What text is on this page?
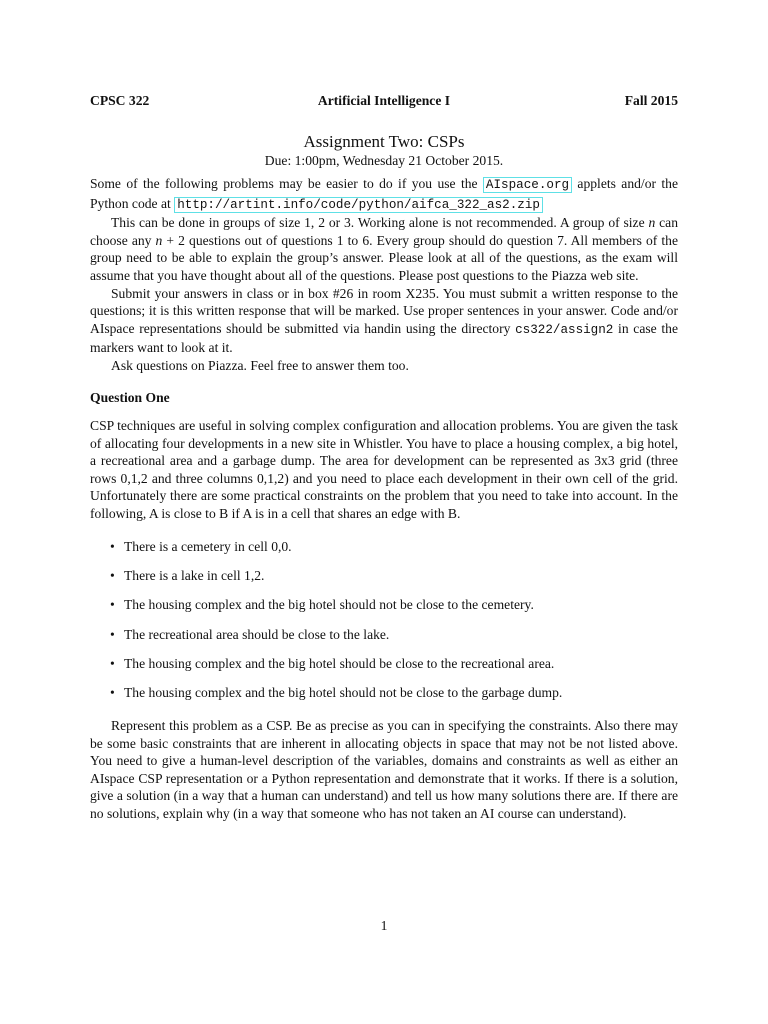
CPSC 322	Artificial Intelligence I	Fall 2015
Assignment Two: CSPs
Due: 1:00pm, Wednesday 21 October 2015.

Some of the following problems may be easier to do if you use the AIspace.org applets and/or the Python code at http://artint.info/code/python/aifca_322_as2.zip

This can be done in groups of size 1, 2 or 3. Working alone is not recommended. A group of size n can choose any n + 2 questions out of questions 1 to 6. Every group should do question 7. All members of the group need to be able to explain the group’s answer. Please look at all of the questions, as the exam will assume that you have thought about all of the questions. Please post questions to the Piazza web site.

Submit your answers in class or in box #26 in room X235. You must submit a written response to the questions; it is this written response that will be marked. Use proper sentences in your answer. Code and/or AIspace representations should be submitted via handin using the directory cs322/assign2 in case the markers want to look at it.

Ask questions on Piazza. Feel free to answer them too.

Question One

CSP techniques are useful in solving complex configuration and allocation problems. You are given the task of allocating four developments in a new site in Whistler. You have to place a housing complex, a big hotel, a recreational area and a garbage dump. The area for development can be represented as 3x3 grid (three rows 0,1,2 and three columns 0,1,2) and you need to place each development in their own cell of the grid. Unfortunately there are some practical constraints on the problem that you need to take into account. In the following, A is close to B if A is in a cell that shares an edge with B.

• There is a cemetery in cell 0,0.
• There is a lake in cell 1,2.
• The housing complex and the big hotel should not be close to the cemetery.
• The recreational area should be close to the lake.
• The housing complex and the big hotel should be close to the recreational area.
• The housing complex and the big hotel should not be close to the garbage dump.

Represent this problem as a CSP. Be as precise as you can in specifying the constraints. Also there may be some basic constraints that are inherent in allocating objects in space that may not be not listed above. You need to give a human-level description of the variables, domains and constraints as well as either an AIspace CSP representation or a Python representation and demonstrate that it works. If there is a solution, give a solution (in a way that a human can understand) and tell us how many solutions there are. If there are no solutions, explain why (in a way that someone who has not taken an AI course can understand).

1
